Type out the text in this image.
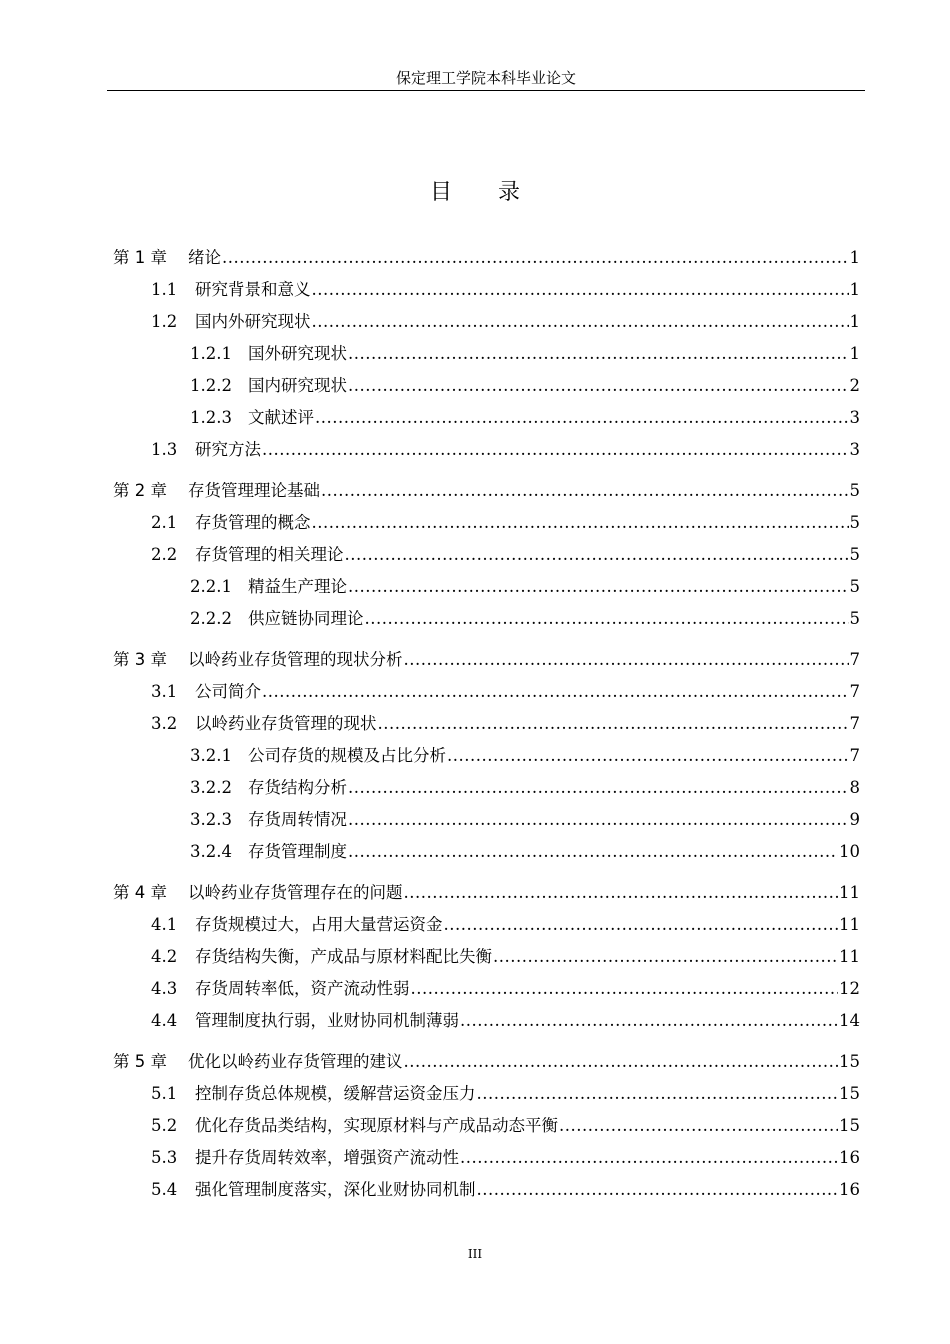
保定理工学院本科毕业论文
目录
第 1 章	绪论 .....	1
1.1	研究背景和意义 .....	1
1.2	国内外研究现状 .....	1
1.2.1 国外研究现状 .....	1
1.2.2 国内研究现状 .....	2
1.2.3 文献述评 .....	3
1.3	研究方法 .....	3
第 2 章	存货管理理论基础 .....	5
2.1	存货管理的概念 .....	5
2.2	存货管理的相关理论 .....	5
2.2.1 精益生产理论 .....	5
2.2.2 供应链协同理论 .....	5
第 3 章	以岭药业存货管理的现状分析 .....	7
3.1	公司简介 .....	7
3.2	以岭药业存货管理的现状 .....	7
3.2.1 公司存货的规模及占比分析 .....	7
3.2.2 存货结构分析 .....	8
3.2.3 存货周转情况 .....	9
3.2.4 存货管理制度 .....	10
第 4 章	以岭药业存货管理存在的问题 .....	11
4.1	存货规模过大，占用大量营运资金 .....	11
4.2	存货结构失衡，产成品与原材料配比失衡 .....	11
4.3	存货周转率低，资产流动性弱 .....	12
4.4	管理制度执行弱，业财协同机制薄弱 .....	14
第 5 章	优化以岭药业存货管理的建议 .....	15
5.1	控制存货总体规模，缓解营运资金压力 .....	15
5.2	优化存货品类结构，实现原材料与产成品动态平衡 .....	15
5.3	提升存货周转效率，增强资产流动性 .....	16
5.4	强化管理制度落实，深化业财协同机制 .....	16
III
